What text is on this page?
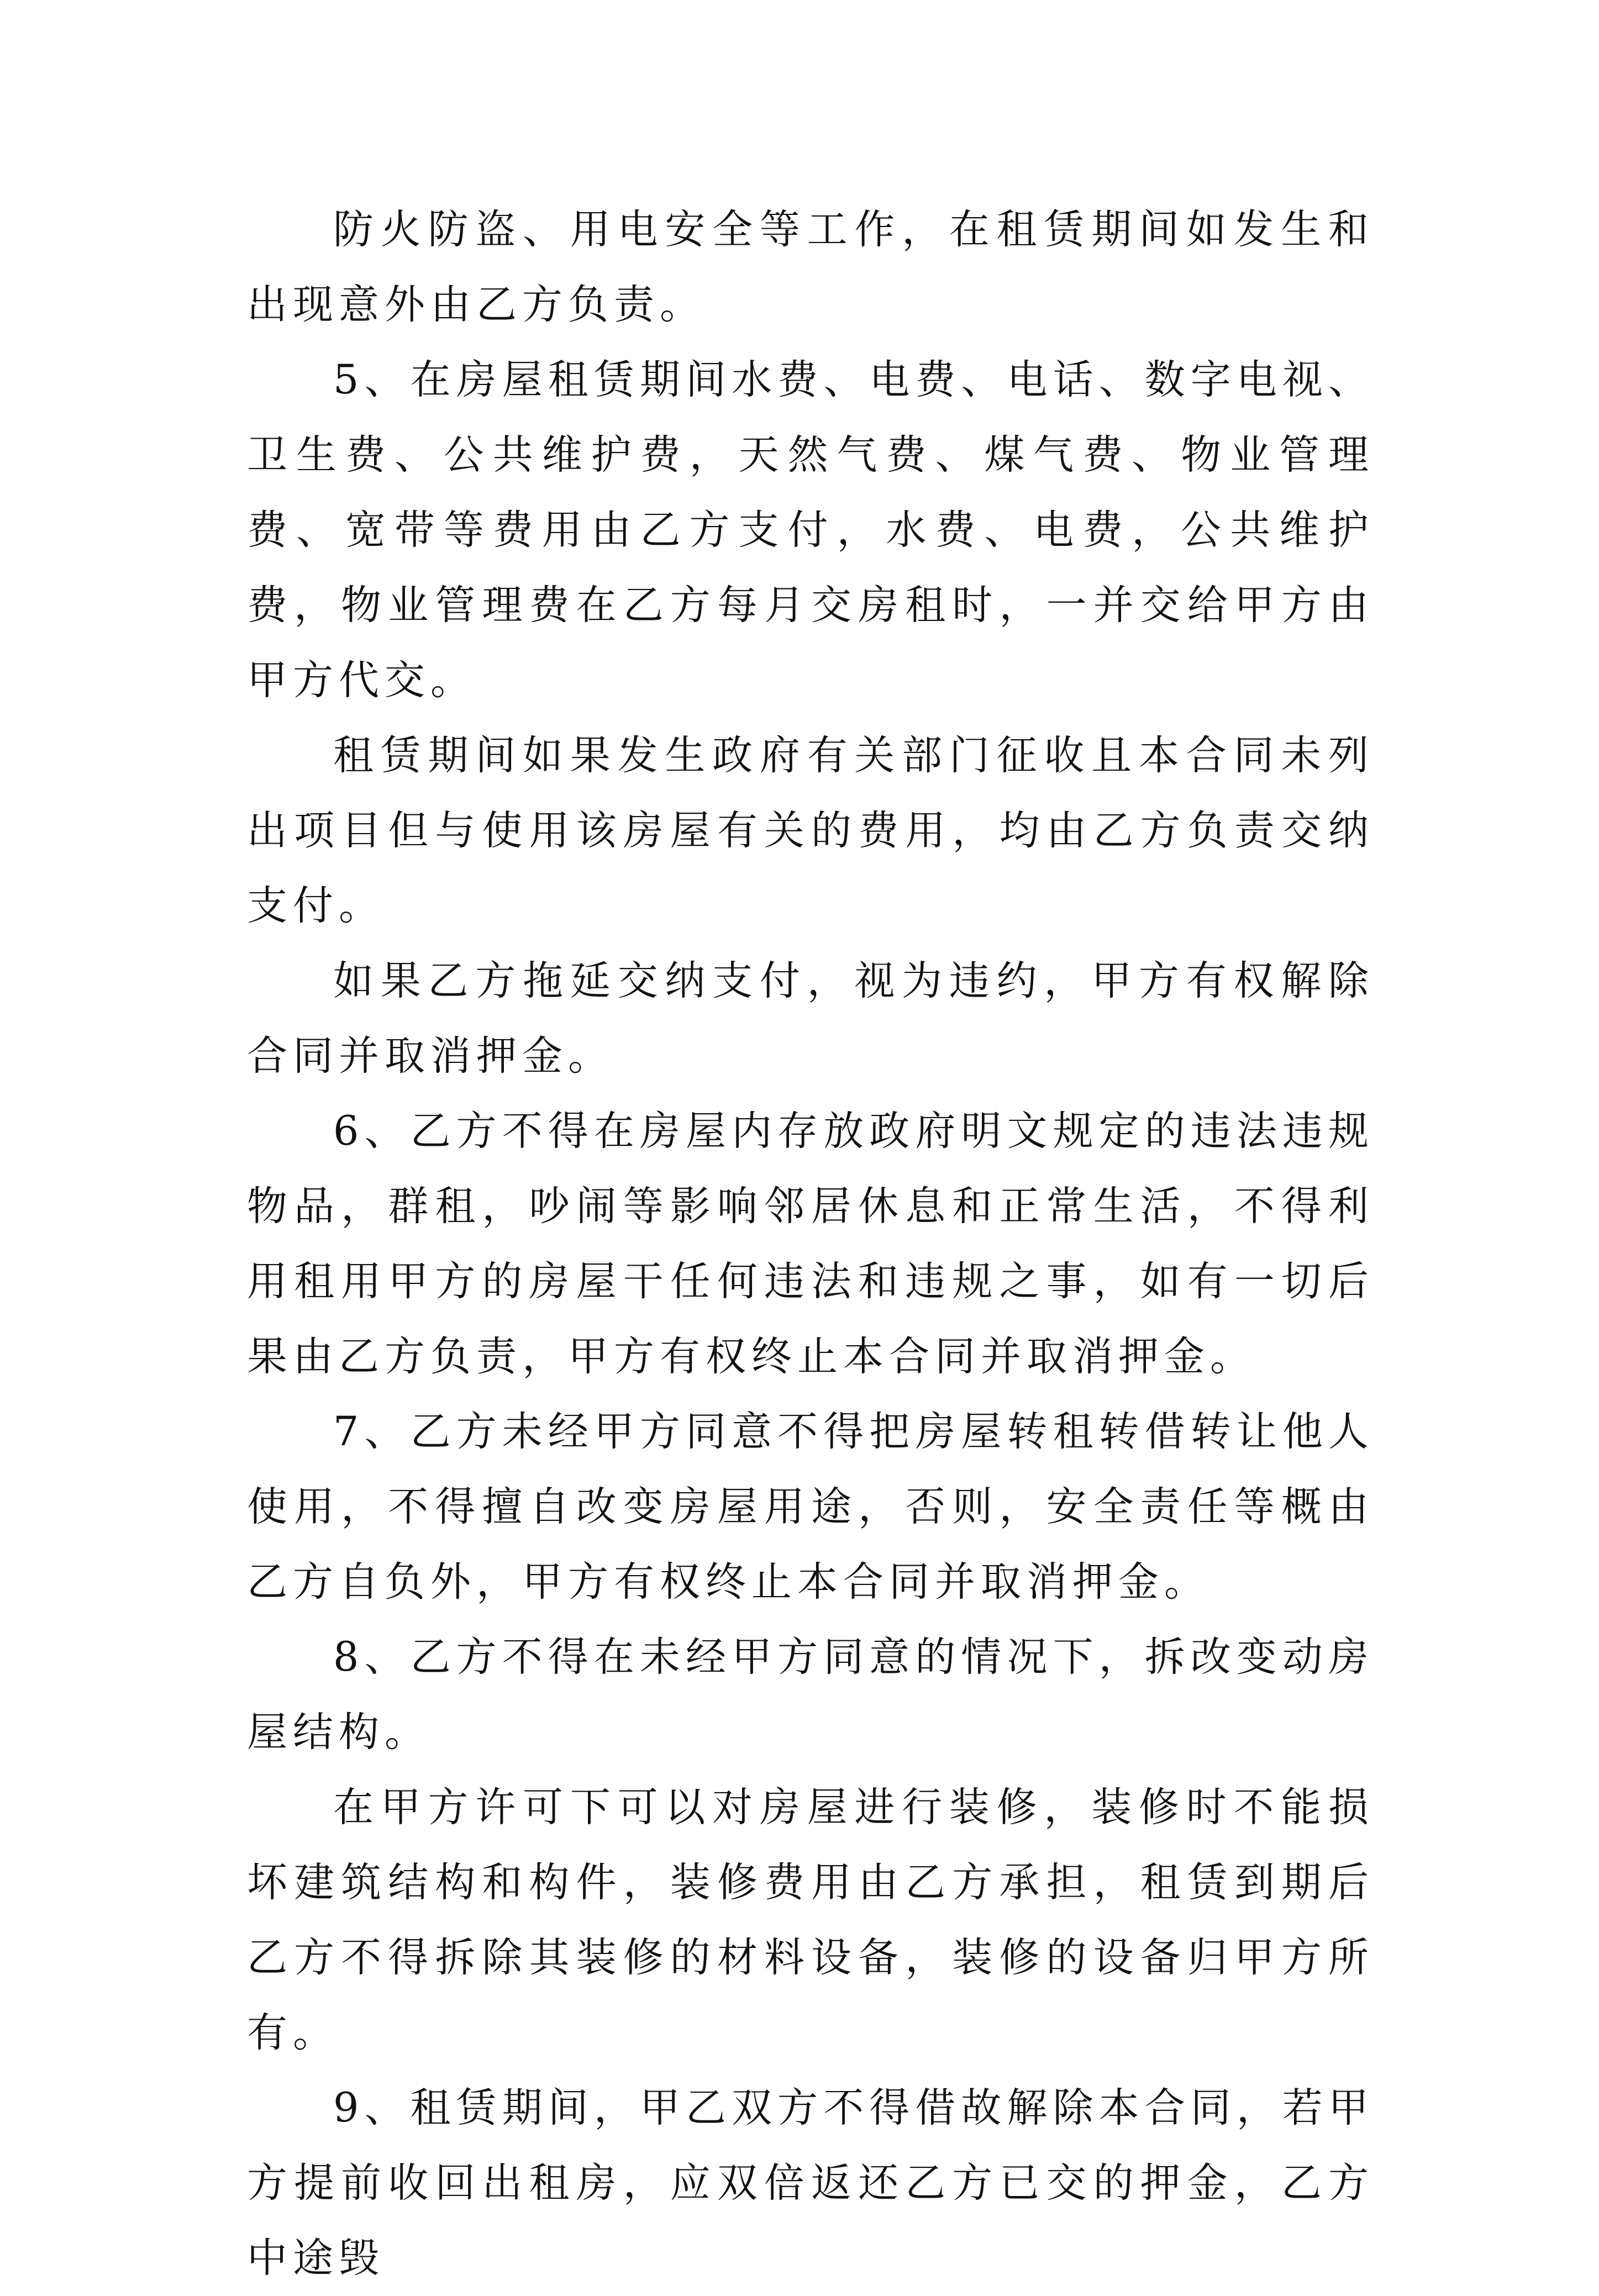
防火防盗、用电安全等工作，在租赁期间如发生和出现意外由乙方负责。

5、在房屋租赁期间水费、电费、电话、数字电视、卫生费、公共维护费，天然气费、煤气费、物业管理费、宽带等费用由乙方支付，水费、电费，公共维护费，物业管理费在乙方每月交房租时，一并交给甲方由甲方代交。

租赁期间如果发生政府有关部门征收且本合同未列出项目但与使用该房屋有关的费用，均由乙方负责交纳支付。

如果乙方拖延交纳支付，视为违约，甲方有权解除合同并取消押金。

6、乙方不得在房屋内存放政府明文规定的违法违规物品，群租，吵闹等影响邻居休息和正常生活，不得利用租用甲方的房屋干任何违法和违规之事，如有一切后果由乙方负责，甲方有权终止本合同并取消押金。

7、乙方未经甲方同意不得把房屋转租转借转让他人使用，不得擅自改变房屋用途，否则，安全责任等概由乙方自负外，甲方有权终止本合同并取消押金。

8、乙方不得在未经甲方同意的情况下，拆改变动房屋结构。

在甲方许可下可以对房屋进行装修，装修时不能损坏建筑结构和构件，装修费用由乙方承担，租赁到期后乙方不得拆除其装修的材料设备，装修的设备归甲方所有。

9、租赁期间，甲乙双方不得借故解除本合同，若甲方提前收回出租房，应双倍返还乙方已交的押金，乙方中途毁
